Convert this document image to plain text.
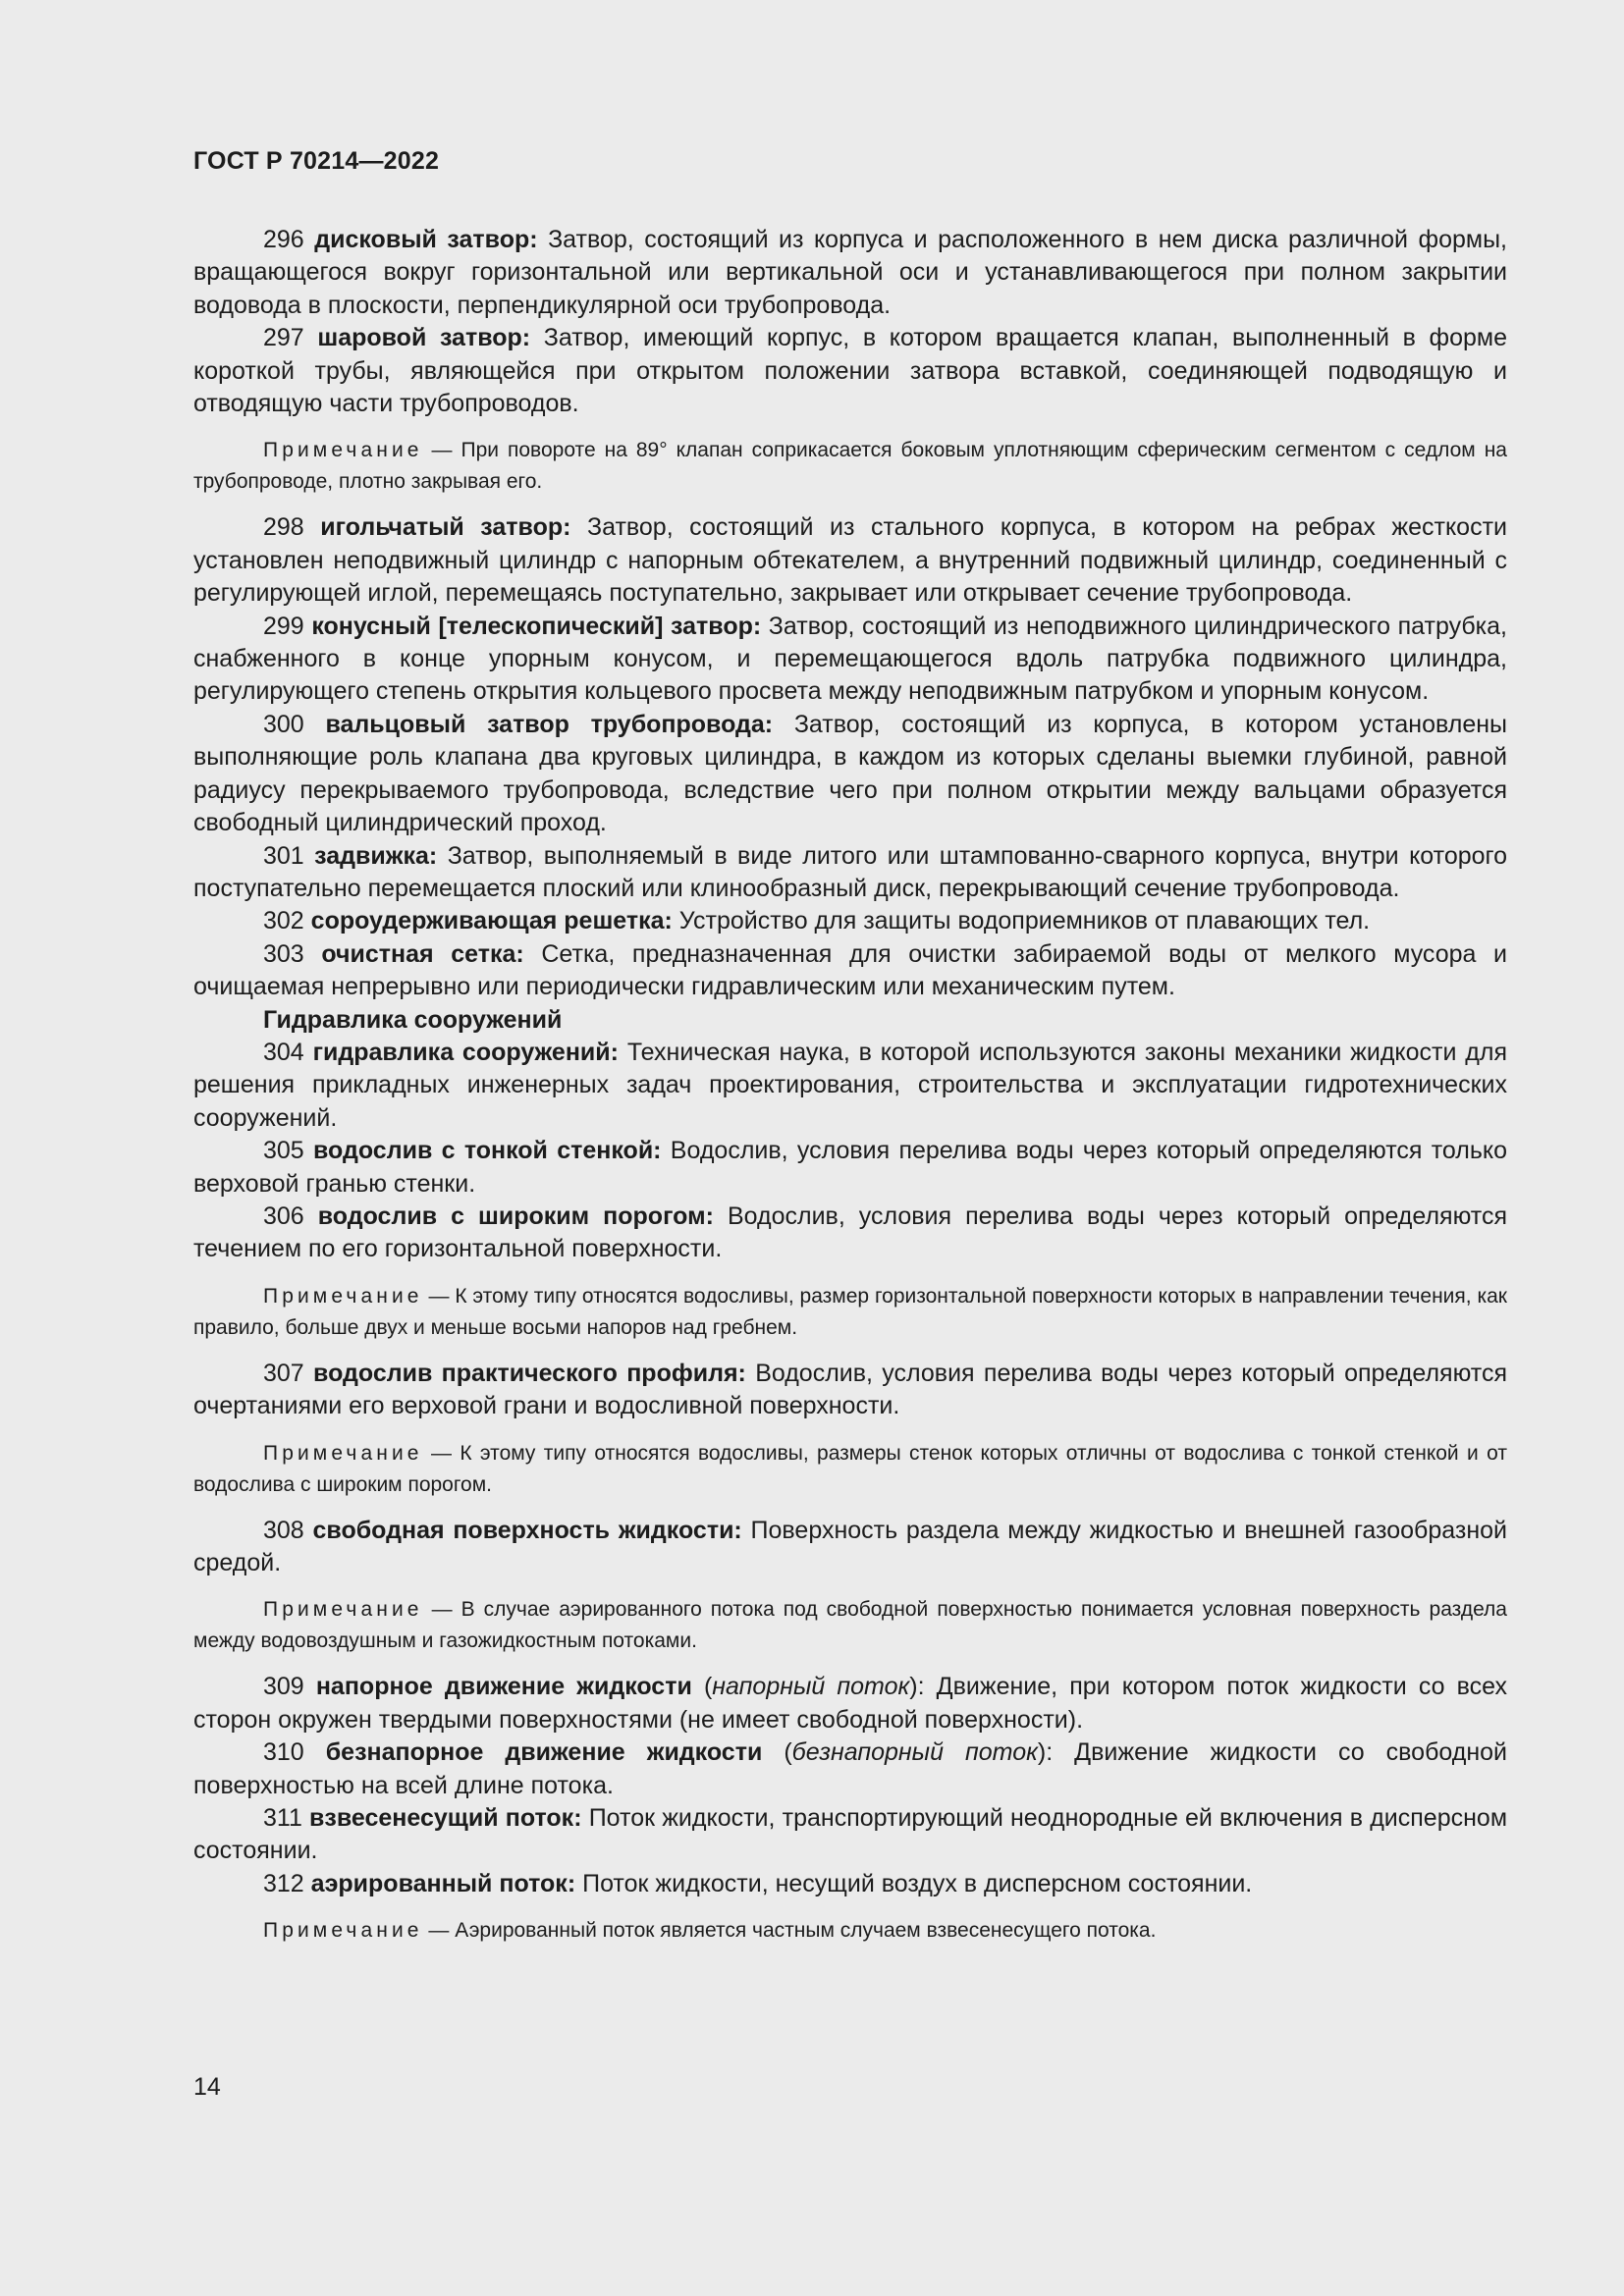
ГОСТ Р 70214—2022

296 дисковый затвор: Затвор, состоящий из корпуса и расположенного в нем диска различной формы, вращающегося вокруг горизонтальной или вертикальной оси и устанавливающегося при полном закрытии водовода в плоскости, перпендикулярной оси трубопровода.

297 шаровой затвор: Затвор, имеющий корпус, в котором вращается клапан, выполненный в форме короткой трубы, являющейся при открытом положении затвора вставкой, соединяющей подводящую и отводящую части трубопроводов.

Примечание — При повороте на 89° клапан соприкасается боковым уплотняющим сферическим сегментом с седлом на трубопроводе, плотно закрывая его.

298 игольчатый затвор: Затвор, состоящий из стального корпуса, в котором на ребрах жесткости установлен неподвижный цилиндр с напорным обтекателем, а внутренний подвижный цилиндр, соединенный с регулирующей иглой, перемещаясь поступательно, закрывает или открывает сечение трубопровода.

299 конусный [телескопический] затвор: Затвор, состоящий из неподвижного цилиндрического патрубка, снабженного в конце упорным конусом, и перемещающегося вдоль патрубка подвижного цилиндра, регулирующего степень открытия кольцевого просвета между неподвижным патрубком и упорным конусом.

300 вальцовый затвор трубопровода: Затвор, состоящий из корпуса, в котором установлены выполняющие роль клапана два круговых цилиндра, в каждом из которых сделаны выемки глубиной, равной радиусу перекрываемого трубопровода, вследствие чего при полном открытии между вальцами образуется свободный цилиндрический проход.

301 задвижка: Затвор, выполняемый в виде литого или штампованно-сварного корпуса, внутри которого поступательно перемещается плоский или клинообразный диск, перекрывающий сечение трубопровода.

302 сороудерживающая решетка: Устройство для защиты водоприемников от плавающих тел.

303 очистная сетка: Сетка, предназначенная для очистки забираемой воды от мелкого мусора и очищаемая непрерывно или периодически гидравлическим или механическим путем.

Гидравлика сооружений

304 гидравлика сооружений: Техническая наука, в которой используются законы механики жидкости для решения прикладных инженерных задач проектирования, строительства и эксплуатации гидротехнических сооружений.

305 водослив с тонкой стенкой: Водослив, условия перелива воды через который определяются только верховой гранью стенки.

306 водослив с широким порогом: Водослив, условия перелива воды через который определяются течением по его горизонтальной поверхности.

Примечание — К этому типу относятся водосливы, размер горизонтальной поверхности которых в направлении течения, как правило, больше двух и меньше восьми напоров над гребнем.

307 водослив практического профиля: Водослив, условия перелива воды через который определяются очертаниями его верховой грани и водосливной поверхности.

Примечание — К этому типу относятся водосливы, размеры стенок которых отличны от водослива с тонкой стенкой и от водослива с широким порогом.

308 свободная поверхность жидкости: Поверхность раздела между жидкостью и внешней газообразной средой.

Примечание — В случае аэрированного потока под свободной поверхностью понимается условная поверхность раздела между водовоздушным и газожидкостным потоками.

309 напорное движение жидкости (напорный поток): Движение, при котором поток жидкости со всех сторон окружен твердыми поверхностями (не имеет свободной поверхности).

310 безнапорное движение жидкости (безнапорный поток): Движение жидкости со свободной поверхностью на всей длине потока.

311 взвесенесущий поток: Поток жидкости, транспортирующий неоднородные ей включения в дисперсном состоянии.

312 аэрированный поток: Поток жидкости, несущий воздух в дисперсном состоянии.

Примечание — Аэрированный поток является частным случаем взвесенесущего потока.

14
